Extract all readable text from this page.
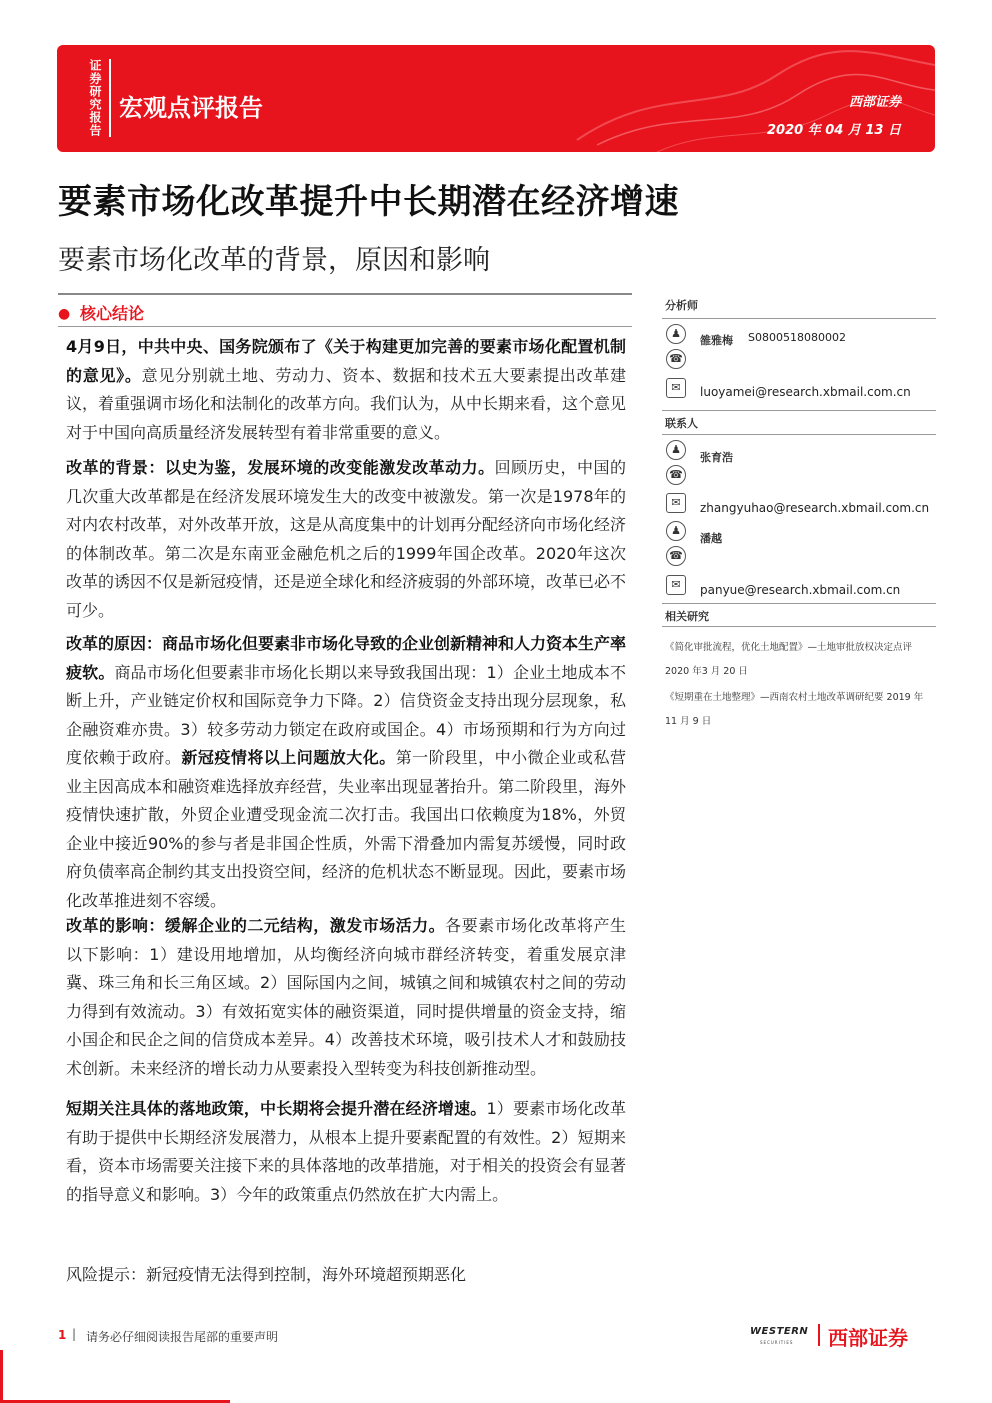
证券研究报告 宏观点评报告	西部证券
2020 年 04 月 13 日
要素市场化改革提升中长期潜在经济增速
要素市场化改革的背景，原因和影响
● 核心结论

4月9日，中共中央、国务院颁布了《关于构建更加完善的要素市场化配置机制的意见》。意见分别就土地、劳动力、资本、数据和技术五大要素提出改革建议，着重强调市场化和法制化的改革方向。我们认为，从中长期来看，这个意见对于中国向高质量经济发展转型有着非常重要的意义。

改革的背景：以史为鉴，发展环境的改变能激发改革动力。回顾历史，中国的几次重大改革都是在经济发展环境发生大的改变中被激发。第一次是1978年的对内农村改革，对外改革开放，这是从高度集中的计划再分配经济向市场化经济的体制改革。第二次是东南亚金融危机之后的1999年国企改革。2020年这次改革的诱因不仅是新冠疫情，还是逆全球化和经济疲弱的外部环境，改革已必不可少。

改革的原因：商品市场化但要素非市场化导致的企业创新精神和人力资本生产率疲软。商品市场化但要素非市场化长期以来导致我国出现：1）企业土地成本不断上升，产业链定价权和国际竞争力下降。2）信贷资金支持出现分层现象，私企融资难亦贵。3）较多劳动力锁定在政府或国企。4）市场预期和行为方向过度依赖于政府。新冠疫情将以上问题放大化。第一阶段里，中小微企业或私营业主因高成本和融资难选择放弃经营，失业率出现显著抬升。第二阶段里，海外疫情快速扩散，外贸企业遭受现金流二次打击。我国出口依赖度为18%，外贸企业中接近90%的参与者是非国企性质，外需下滑叠加内需复苏缓慢，同时政府负债率高企制约其支出投资空间，经济的危机状态不断显现。因此，要素市场化改革推进刻不容缓。

改革的影响：缓解企业的二元结构，激发市场活力。各要素市场化改革将产生以下影响：1）建设用地增加，从均衡经济向城市群经济转变，着重发展京津冀、珠三角和长三角区域。2）国际国内之间，城镇之间和城镇农村之间的劳动力得到有效流动。3）有效拓宽实体的融资渠道，同时提供增量的资金支持，缩小国企和民企之间的信贷成本差异。4）改善技术环境，吸引技术人才和鼓励技术创新。未来经济的增长动力从要素投入型转变为科技创新推动型。

短期关注具体的落地政策，中长期将会提升潜在经济增速。1）要素市场化改革有助于提供中长期经济发展潜力，从根本上提升要素配置的有效性。2）短期来看，资本市场需要关注接下来的具体落地的改革措施，对于相关的投资会有显著的指导意义和影响。3）今年的政策重点仍然放在扩大内需上。

风险提示：新冠疫情无法得到控制，海外环境超预期恶化
分析师
♟
雒雅梅 S0800518080002
☎
✉	luoyamei@research.xbmail.com.cn
联系人
♟
张育浩
☎
✉	zhangyuhao@research.xbmail.com.cn
♟
潘越
☎
✉	panyue@research.xbmail.com.cn
相关研究
《简化审批流程，优化土地配置》—土地审批放权决定点评 2020 年3 月 20 日
《短期重在土地整理》—西南农村土地改革调研纪要 2019 年 11 月 9 日
1 | 请务必仔细阅读报告尾部的重要声明	WESTERN
SECURITIES 西部证券
